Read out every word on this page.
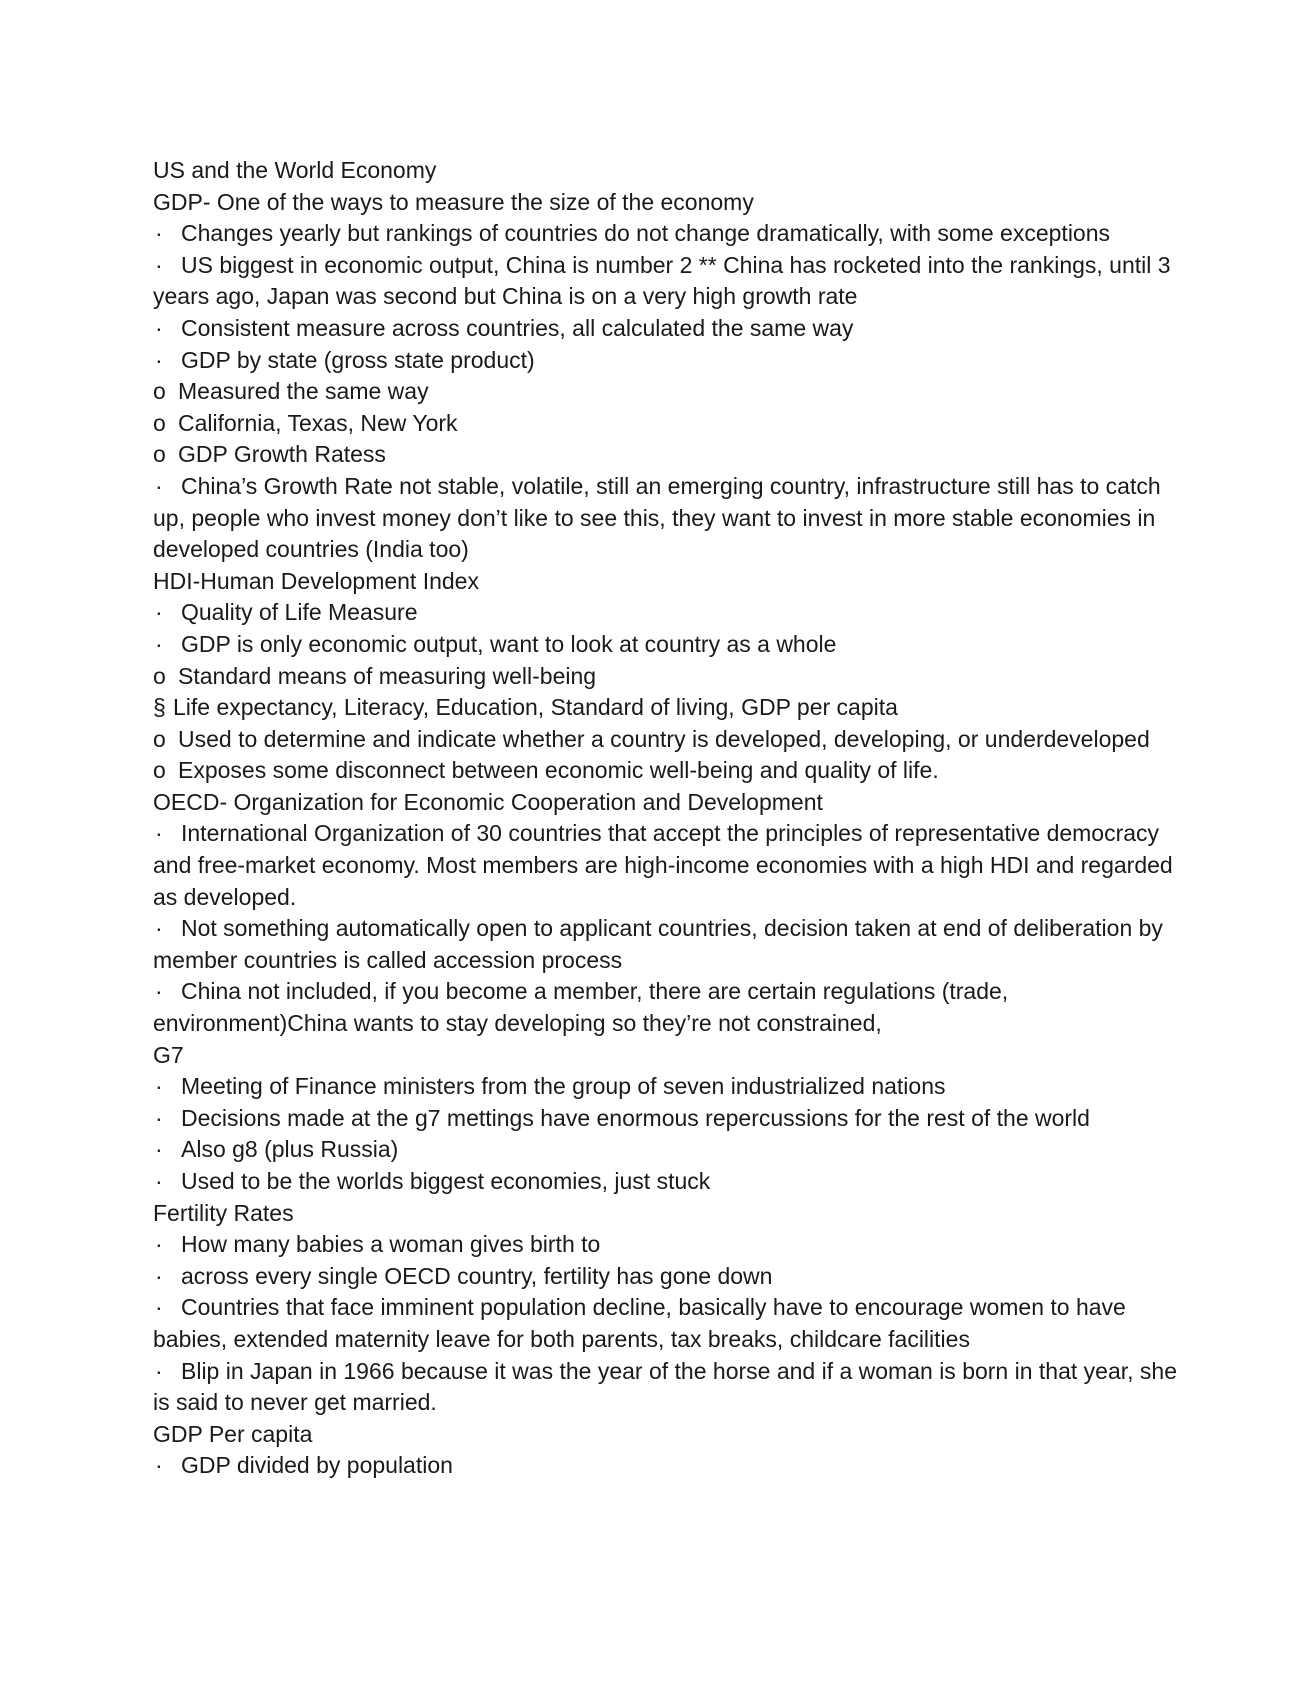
US and the World Economy

GDP- One of the ways to measure the size of the economy

· Changes yearly but rankings of countries do not change dramatically, with some exceptions

· US biggest in economic output, China is number 2 ** China has rocketed into the rankings, until 3 years ago, Japan was second but China is on a very high growth rate

· Consistent measure across countries, all calculated the same way

· GDP by state (gross state product)

o Measured the same way

o California, Texas, New York

o GDP Growth Ratess

· China’s Growth Rate not stable, volatile, still an emerging country, infrastructure still has to catch up, people who invest money don’t like to see this, they want to invest in more stable economies in developed countries (India too)

HDI-Human Development Index

· Quality of Life Measure

· GDP is only economic output, want to look at country as a whole

o Standard means of measuring well-being

§ Life expectancy, Literacy, Education, Standard of living, GDP per capita

o Used to determine and indicate whether a country is developed, developing, or underdeveloped

o Exposes some disconnect between economic well-being and quality of life.

OECD- Organization for Economic Cooperation and Development

· International Organization of 30 countries that accept the principles of representative democracy and free-market economy. Most members are high-income economies with a high HDI and regarded as developed.

· Not something automatically open to applicant countries, decision taken at end of deliberation by member countries is called accession process

· China not included, if you become a member, there are certain regulations (trade, environment)China wants to stay developing so they’re not constrained,

G7

· Meeting of Finance ministers from the group of seven industrialized nations

· Decisions made at the g7 mettings have enormous repercussions for the rest of the world

· Also g8 (plus Russia)

· Used to be the worlds biggest economies, just stuck

Fertility Rates

· How many babies a woman gives birth to

· across every single OECD country, fertility has gone down

· Countries that face imminent population decline, basically have to encourage women to have babies, extended maternity leave for both parents, tax breaks, childcare facilities

· Blip in Japan in 1966 because it was the year of the horse and if a woman is born in that year, she is said to never get married.

GDP Per capita

· GDP divided by population
